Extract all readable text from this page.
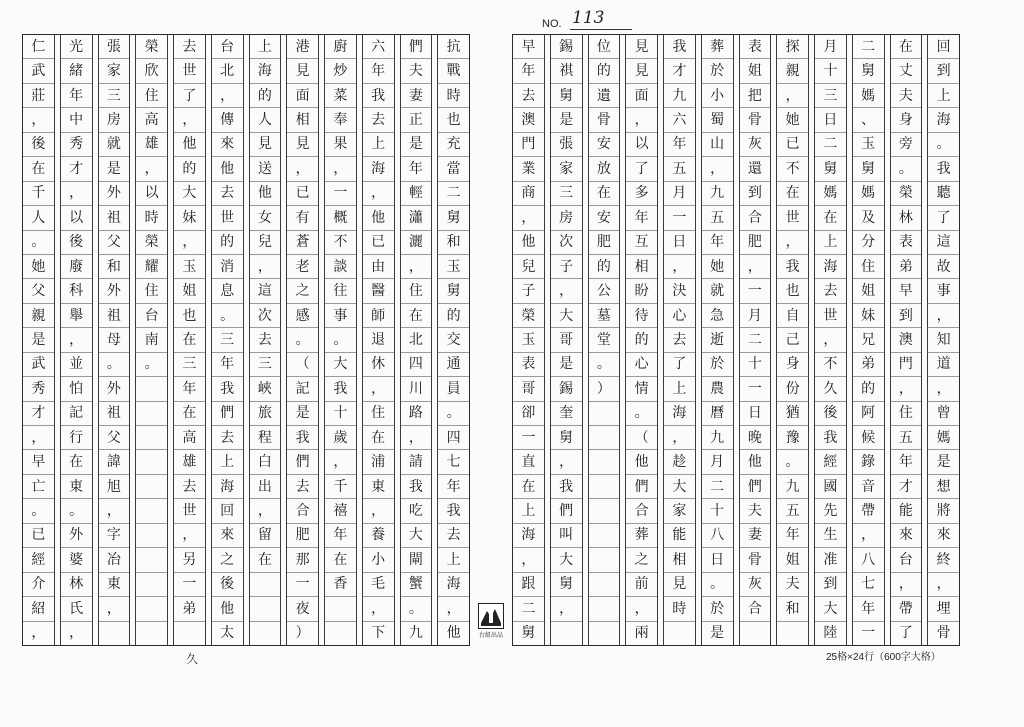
NO. 113
抗
戰
時
也
充
當
二
舅
和
玉
舅
的
交
通
員
。
四
七
年
我
去
上
海
，
他
們
夫
妻
正
是
年
輕
瀟
灑
，
住
在
北
四
川
路
，
請
我
吃
大
閘
蟹
。
九
六
年
我
去
上
海
，
他
已
由
醫
師
退
休
，
住
在
浦
東
，
養
小
毛
，
下
廚
炒
菜
奉
果
，
一
概
不
談
往
事
。
大
我
十
歲
，
千
禧
年
在
香
港
見
面
相
見
，
已
有
蒼
老
之
感
。
（
記
是
我
們
去
合
肥
那
一
夜
）
上
海
的
人
見
送
他
女
兒
，
這
次
去
三
峽
旅
程
白
出
，
留
在
台
北
，
傳
來
他
去
世
的
消
息
。
三
年
我
們
去
上
海
回
來
之
後
他
太
去
世
了
，
他
的
大
妹
，
玉
姐
也
在
三
年
在
高
雄
去
世
，
另
一
弟
榮
欣
住
高
雄
，
以
時
榮
耀
住
台
南
。
張
家
三
房
就
是
外
祖
父
和
外
祖
母
。
外
祖
父
諱
旭
，
字
冶
東
，
光
緒
年
中
秀
才
，
以
後
廢
科
舉
，
並
怕
記
行
在
東
。
外
婆
林
氏
，
仁
武
莊
，
後
在
千
人
。
她
父
親
是
武
秀
才
，
早
亡
。
已
經
介
紹
，
回
到
上
海
。
我
聽
了
這
故
事
，
知
道
，
曾
媽
是
想
將
來
終
，
埋
骨
在
丈
夫
身
旁
。
榮
林
表
弟
早
到
澳
門
，
住
五
年
才
能
來
台
，
帶
了
二
舅
媽
、
玉
舅
媽
及
分
住
姐
妹
兄
弟
的
阿
候
錄
音
帶
，
八
七
年
一
月
十
三
日
二
舅
媽
在
上
海
去
世
，
不
久
後
我
經
國
先
生
准
到
大
陸
探
親
，
她
已
不
在
世
，
我
也
自
己
身
份
猶
豫
。
九
五
年
姐
夫
和
表
姐
把
骨
灰
還
到
合
肥
，
一
月
二
十
一
日
晚
他
們
夫
妻
骨
灰
合
葬
於
小
蜀
山
，
九
五
年
她
就
急
逝
於
農
曆
九
月
二
十
八
日
。
於
是
我
才
九
六
年
五
月
一
日
，
決
心
去
了
上
海
，
趁
大
家
能
相
見
時
見
見
面
，
以
了
多
年
互
相
盼
待
的
心
情
。
（
他
們
合
葬
之
前
，
兩
位
的
遺
骨
安
放
在
安
肥
的
公
墓
堂
。
）
錫
祺
舅
是
張
家
三
房
次
子
，
大
哥
是
錫
奎
舅
，
我
們
叫
大
舅
，
早
年
去
澳
門
業
商
，
他
兒
子
榮
玉
表
哥
卻
一
直
在
上
海
，
跟
二
舅
台組出品
久	25格×24行（600字大格）
